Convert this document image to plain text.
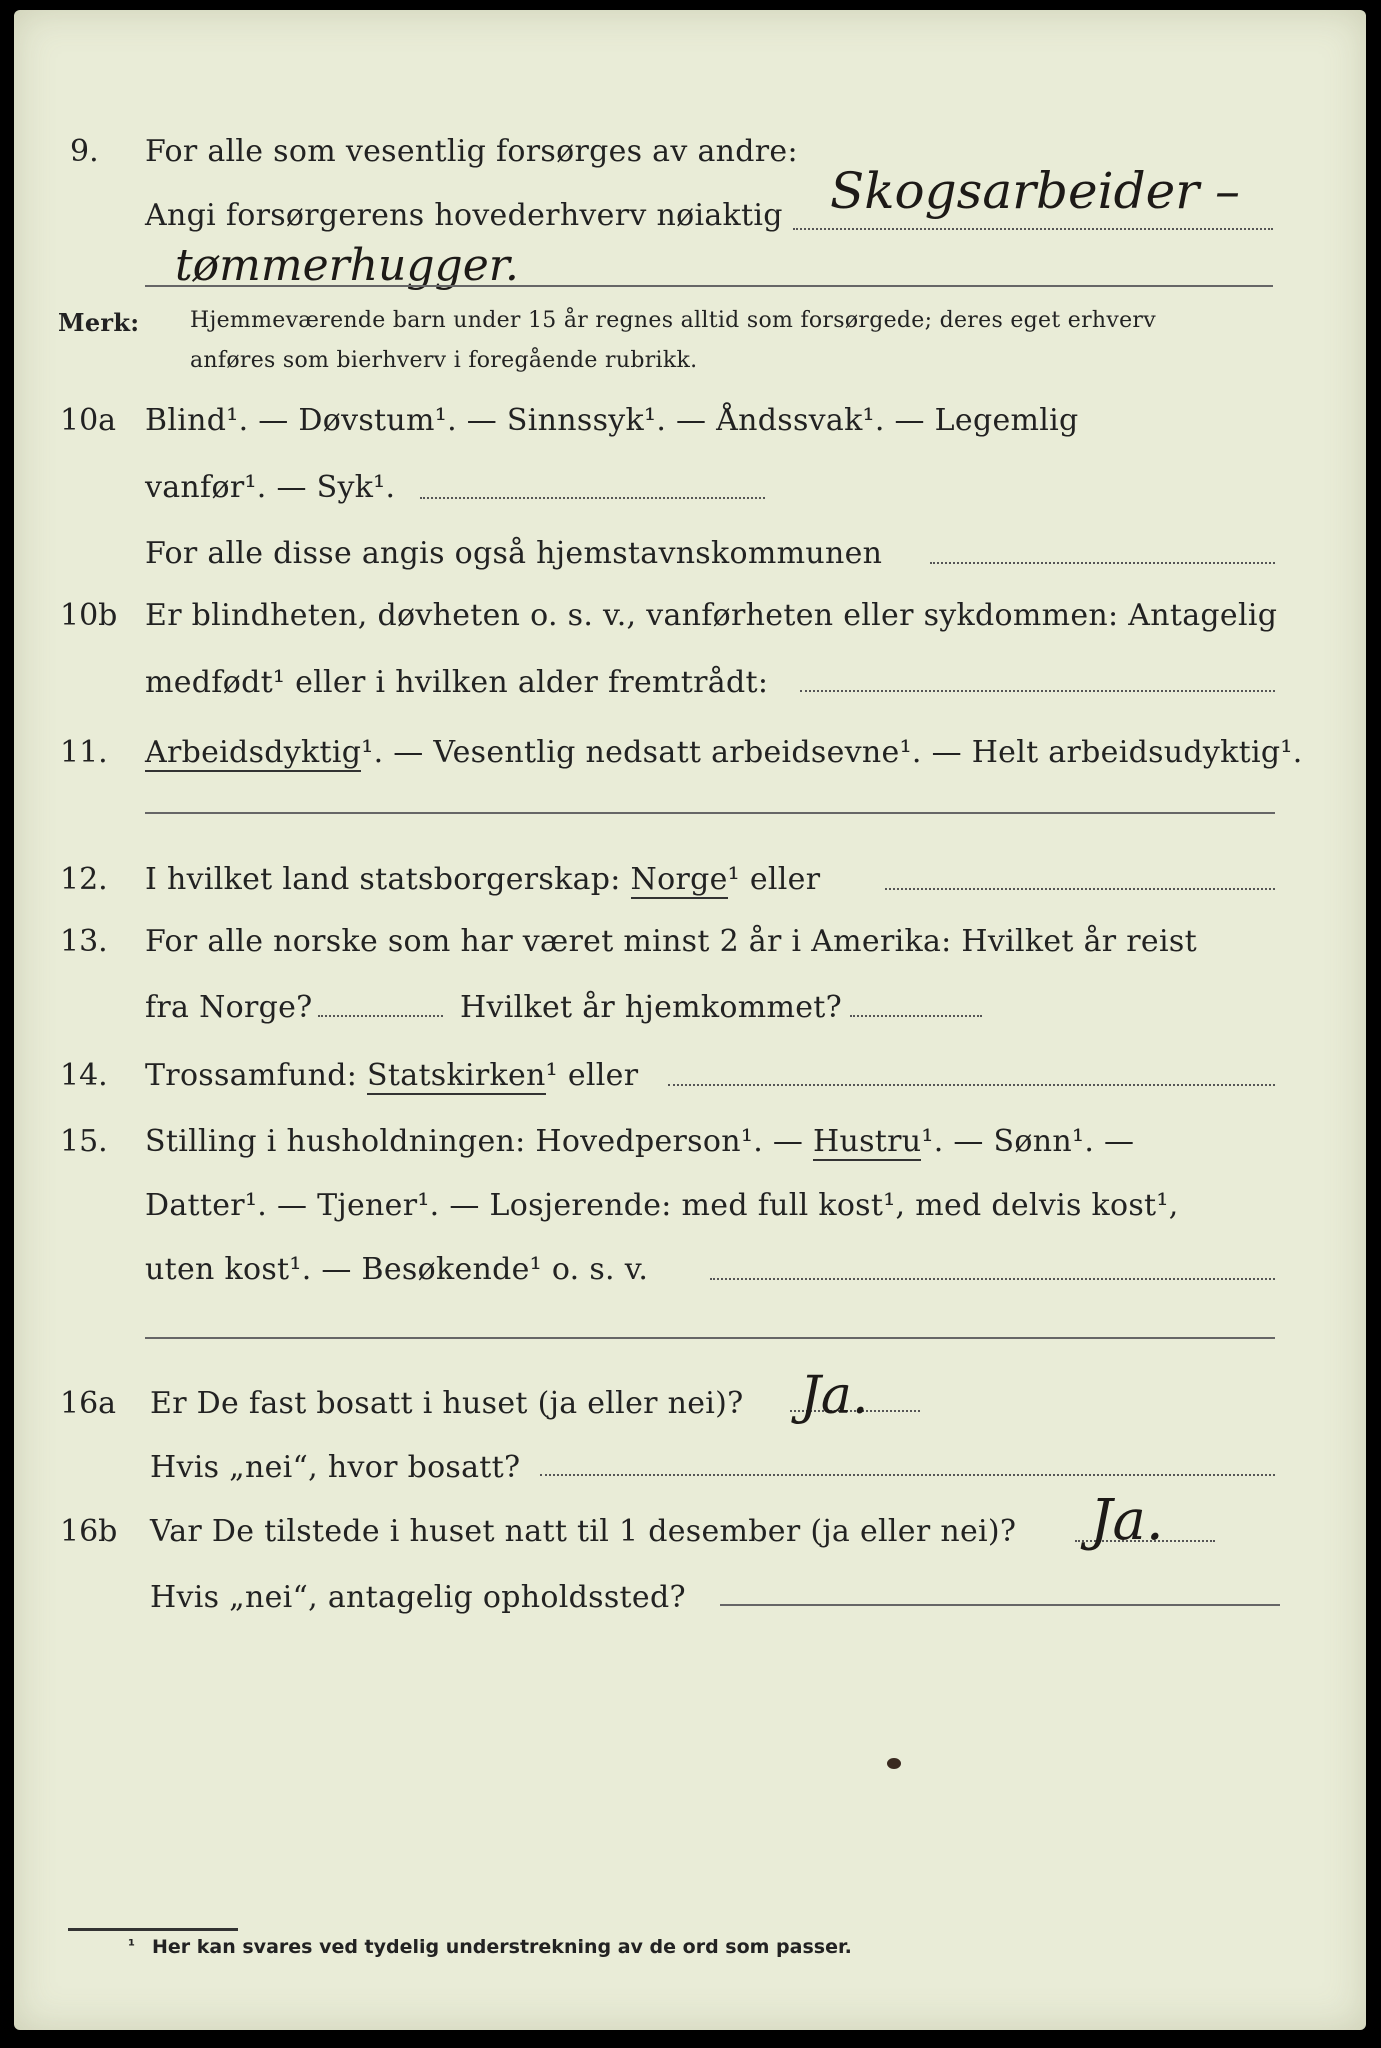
9. For alle som vesentlig forsørges av andre:
Angi forsørgerens hovederhverv nøiaktig Skogsarbeider –
tømmerhugger.
Merk: Hjemmeværende barn under 15 år regnes alltid som forsørgede; deres eget erhverv
anføres som bierhverv i foregående rubrikk.
10a Blind¹. — Døvstum¹. — Sinnssyk¹. — Åndssvak¹. — Legemlig
vanfør¹. — Syk¹.
For alle disse angis også hjemstavnskommunen
10b Er blindheten, døvheten o. s. v., vanførheten eller sykdommen: Antagelig
medfødt¹ eller i hvilken alder fremtrådt:
11. Arbeidsdyktig¹. — Vesentlig nedsatt arbeidsevne¹. — Helt arbeidsudyktig¹.
12. I hvilket land statsborgerskap: Norge¹ eller
13. For alle norske som har været minst 2 år i Amerika: Hvilket år reist
fra Norge?	Hvilket år hjemkommet?
14. Trossamfund: Statskirken¹ eller
15. Stilling i husholdningen: Hovedperson¹. — Hustru¹. — Sønn¹. —
Datter¹. — Tjener¹. — Losjerende: med full kost¹, med delvis kost¹,
uten kost¹. — Besøkende¹ o. s. v.
16a Er De fast bosatt i huset (ja eller nei)? Ja.
Hvis „nei“, hvor bosatt?
16b Var De tilstede i huset natt til 1 desember (ja eller nei)? Ja.
Hvis „nei“, antagelig opholdssted?
¹ Her kan svares ved tydelig understrekning av de ord som passer.
